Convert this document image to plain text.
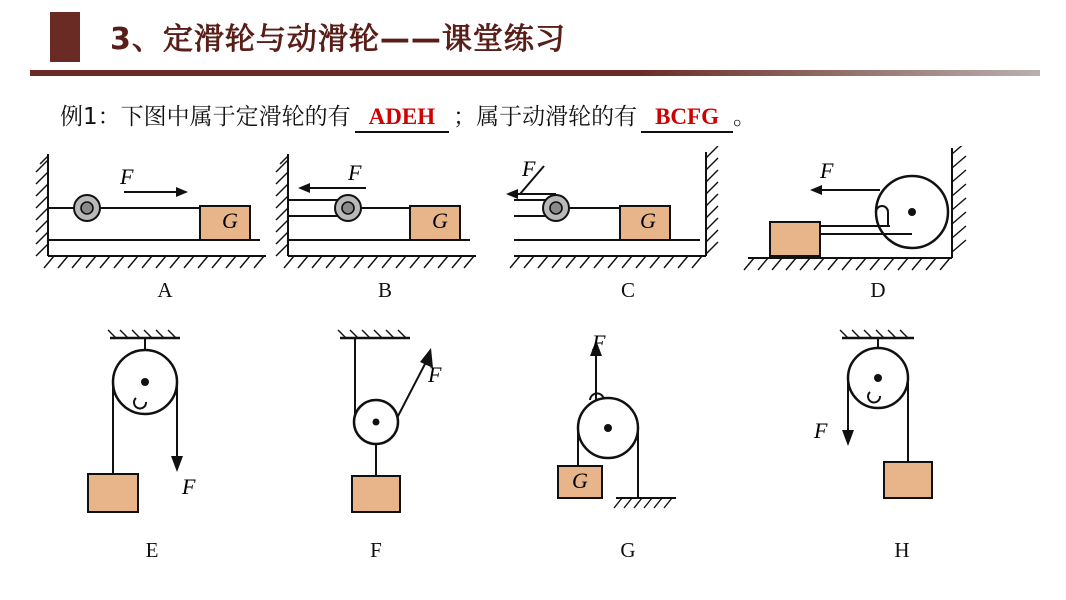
3、定滑轮与动滑轮——课堂练习
例1：下图中属于定滑轮的有 ADEH ；属于动滑轮的有 BCFG 。
F
G
A
F
G
B
F
G
C
F
D
F
E
F
F
F
G
G
F
H
